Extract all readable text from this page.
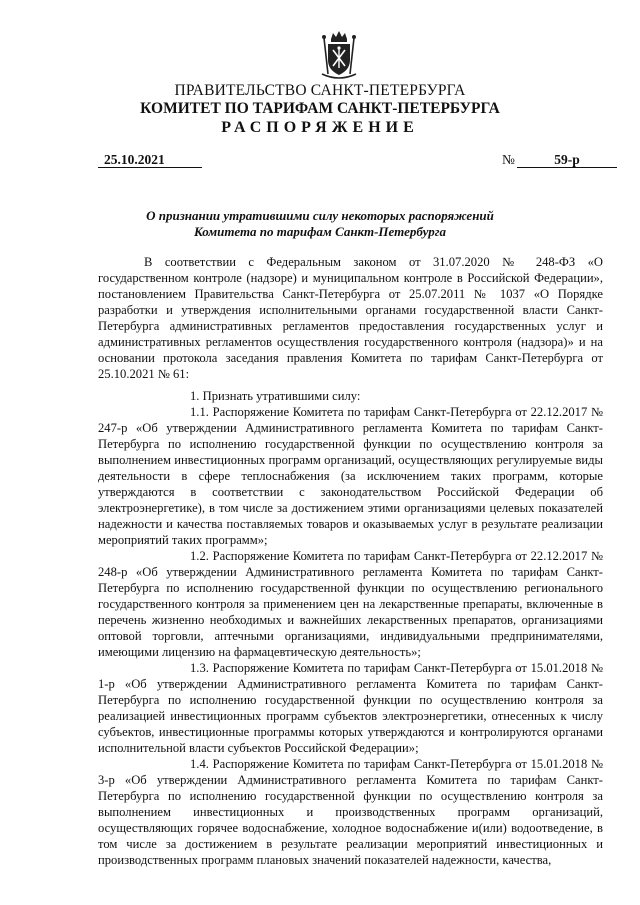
ПРАВИТЕЛЬСТВО САНКТ-ПЕТЕРБУРГА
КОМИТЕТ ПО ТАРИФАМ САНКТ-ПЕТЕРБУРГА
РАСПОРЯЖЕНИЕ
25.10.2021	№	59-р
О признании утратившими силу некоторых распоряжений
Комитета по тарифам Санкт-Петербурга

В соответствии с Федеральным законом от 31.07.2020 № 248-ФЗ «О государственном контроле (надзоре) и муниципальном контроле в Российской Федерации», постановлением Правительства Санкт-Петербурга от 25.07.2011 № 1037 «О Порядке разработки и утверждения исполнительными органами государственной власти Санкт-Петербурга административных регламентов предоставления государственных услуг и административных регламентов осуществления государственного контроля (надзора)» и на основании протокола заседания правления Комитета по тарифам Санкт-Петербурга от 25.10.2021 № 61:

1. Признать утратившими силу:

1.1. Распоряжение Комитета по тарифам Санкт-Петербурга от 22.12.2017 № 247-р «Об утверждении Административного регламента Комитета по тарифам Санкт-Петербурга по исполнению государственной функции по осуществлению контроля за выполнением инвестиционных программ организаций, осуществляющих регулируемые виды деятельности в сфере теплоснабжения (за исключением таких программ, которые утверждаются в соответствии с законодательством Российской Федерации об электроэнергетике), в том числе за достижением этими организациями целевых показателей надежности и качества поставляемых товаров и оказываемых услуг в результате реализации мероприятий таких программ»;

1.2. Распоряжение Комитета по тарифам Санкт-Петербурга от 22.12.2017 № 248-р «Об утверждении Административного регламента Комитета по тарифам Санкт-Петербурга по исполнению государственной функции по осуществлению регионального государственного контроля за применением цен на лекарственные препараты, включенные в перечень жизненно необходимых и важнейших лекарственных препаратов, организациями оптовой торговли, аптечными организациями, индивидуальными предпринимателями, имеющими лицензию на фармацевтическую деятельность»;

1.3. Распоряжение Комитета по тарифам Санкт-Петербурга от 15.01.2018 № 1-р «Об утверждении Административного регламента Комитета по тарифам Санкт-Петербурга по исполнению государственной функции по осуществлению контроля за реализацией инвестиционных программ субъектов электроэнергетики, отнесенных к числу субъектов, инвестиционные программы которых утверждаются и контролируются органами исполнительной власти субъектов Российской Федерации»;

1.4. Распоряжение Комитета по тарифам Санкт-Петербурга от 15.01.2018 № 3-р «Об утверждении Административного регламента Комитета по тарифам Санкт-Петербурга по исполнению государственной функции по осуществлению контроля за выполнением инвестиционных и производственных программ организаций, осуществляющих горячее водоснабжение, холодное водоснабжение и(или) водоотведение, в том числе за достижением в результате реализации мероприятий инвестиционных и производственных программ плановых значений показателей надежности, качества,
